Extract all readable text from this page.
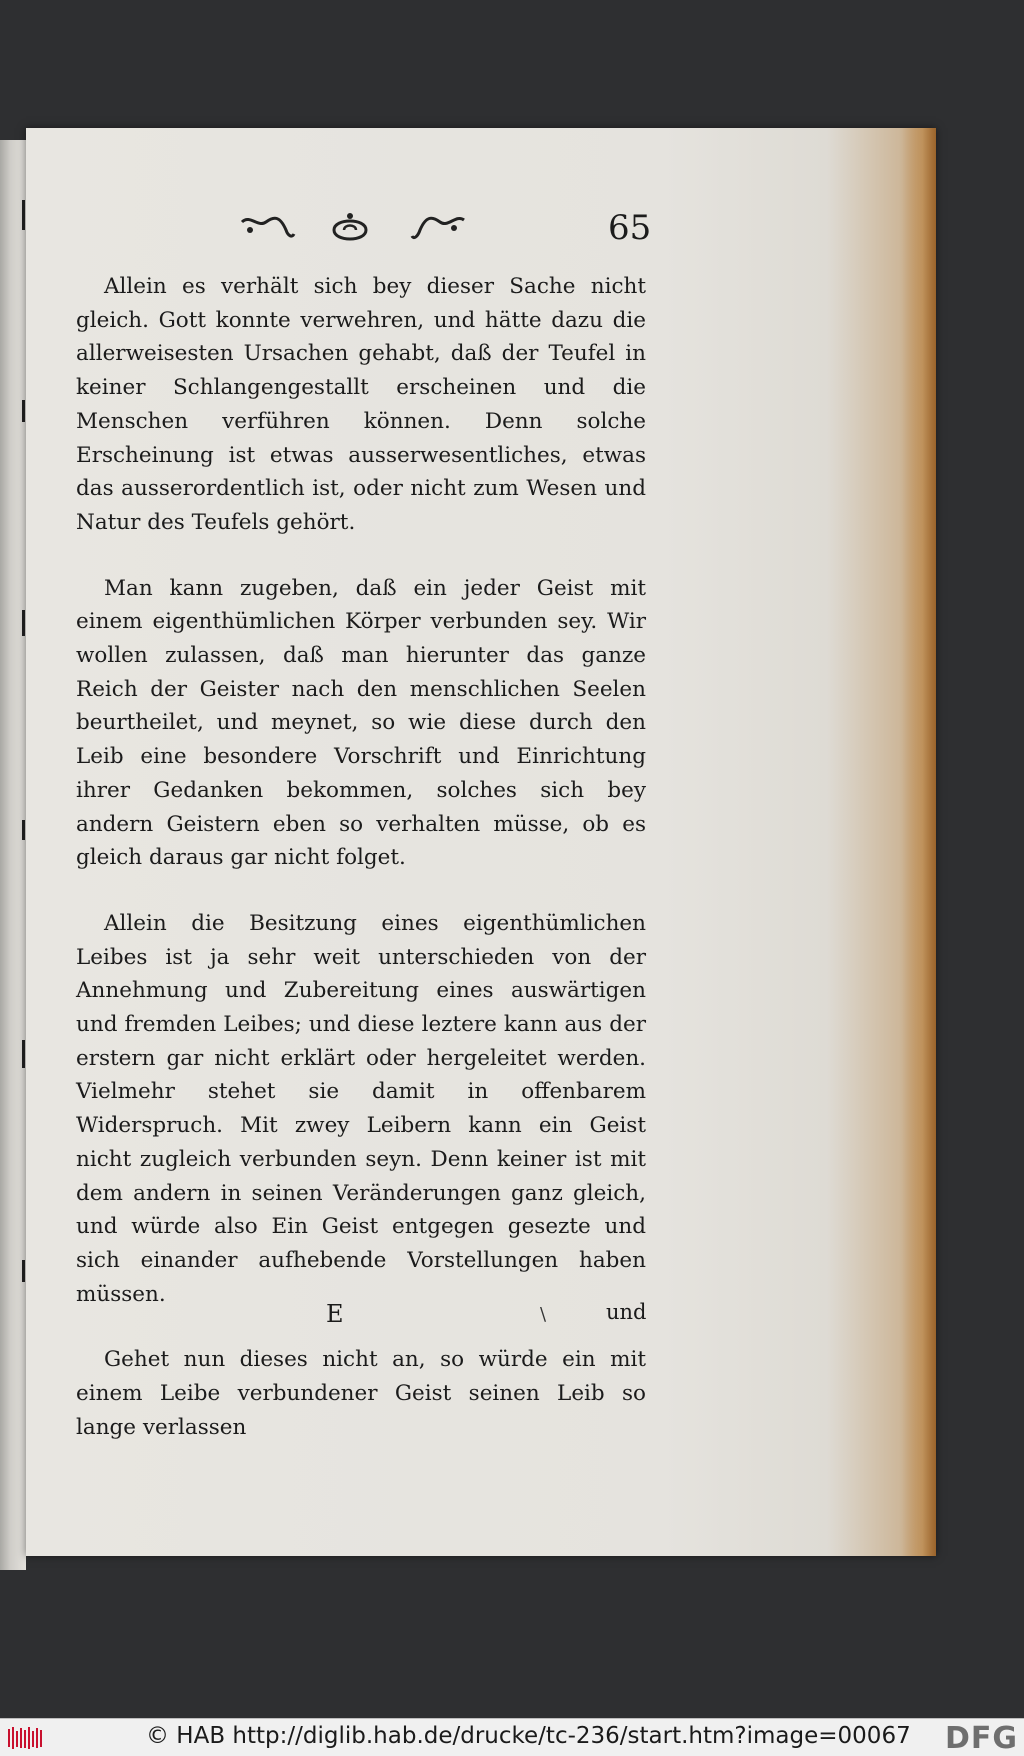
65

Allein es verhält sich bey dieser Sache nicht gleich. Gott konnte verwehren, und hätte dazu die allerweisesten Ursachen gehabt, daß der Teufel in keiner Schlangengestallt erscheinen und die Menschen verführen können. Denn solche Erscheinung ist etwas ausserwesentliches, etwas das ausserordentlich ist, oder nicht zum Wesen und Natur des Teufels gehört.

Man kann zugeben, daß ein jeder Geist mit einem eigenthümlichen Körper verbunden sey. Wir wollen zulassen, daß man hierunter das ganze Reich der Geister nach den menschlichen Seelen beurtheilet, und meynet, so wie diese durch den Leib eine besondere Vorschrift und Einrichtung ihrer Gedanken bekommen, solches sich bey andern Geistern eben so verhalten müsse, ob es gleich daraus gar nicht folget.

Allein die Besitzung eines eigenthümlichen Leibes ist ja sehr weit unterschieden von der Annehmung und Zubereitung eines auswärtigen und fremden Leibes; und diese leztere kann aus der erstern gar nicht erklärt oder hergeleitet werden. Vielmehr stehet sie damit in offenbarem Widerspruch. Mit zwey Leibern kann ein Geist nicht zugleich verbunden seyn. Denn keiner ist mit dem andern in seinen Veränderungen ganz gleich, und würde also Ein Geist entgegen gesezte und sich einander aufhebende Vorstellungen haben müssen.

Gehet nun dieses nicht an, so würde ein mit einem Leibe verbundener Geist seinen Leib so lange verlassen

E	\	und
© HAB http://diglib.hab.de/drucke/tc-236/start.htm?image=00067 DFG
